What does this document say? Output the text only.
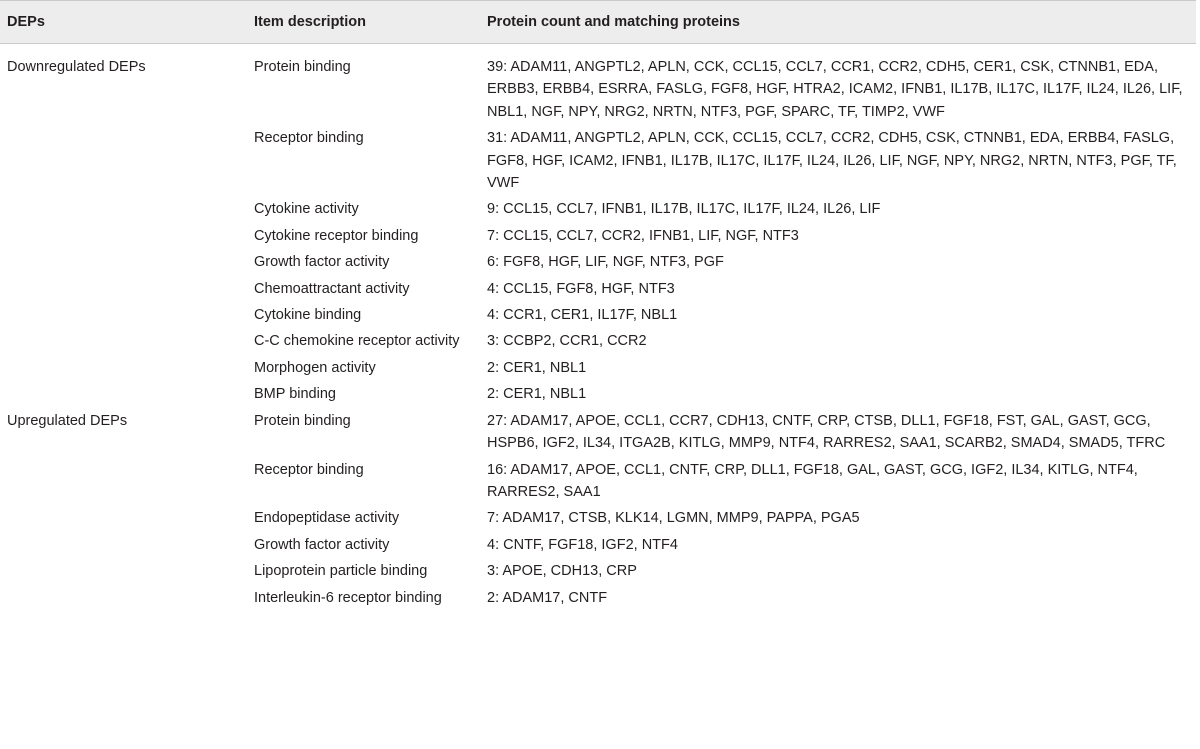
DEPs	Item description	Protein count and matching proteins
Downregulated DEPs	Protein binding	39: ADAM11, ANGPTL2, APLN, CCK, CCL15, CCL7, CCR1, CCR2, CDH5, CER1, CSK, CTNNB1, EDA, ERBB3, ERBB4, ESRRA, FASLG, FGF8, HGF, HTRA2, ICAM2, IFNB1, IL17B, IL17C, IL17F, IL24, IL26, LIF, NBL1, NGF, NPY, NRG2, NRTN, NTF3, PGF, SPARC, TF, TIMP2, VWF
	Receptor binding	31: ADAM11, ANGPTL2, APLN, CCK, CCL15, CCL7, CCR2, CDH5, CSK, CTNNB1, EDA, ERBB4, FASLG, FGF8, HGF, ICAM2, IFNB1, IL17B, IL17C, IL17F, IL24, IL26, LIF, NGF, NPY, NRG2, NRTN, NTF3, PGF, TF, VWF
	Cytokine activity	9: CCL15, CCL7, IFNB1, IL17B, IL17C, IL17F, IL24, IL26, LIF
	Cytokine receptor binding	7: CCL15, CCL7, CCR2, IFNB1, LIF, NGF, NTF3
	Growth factor activity	6: FGF8, HGF, LIF, NGF, NTF3, PGF
	Chemoattractant activity	4: CCL15, FGF8, HGF, NTF3
	Cytokine binding	4: CCR1, CER1, IL17F, NBL1
	C-C chemokine receptor activity	3: CCBP2, CCR1, CCR2
	Morphogen activity	2: CER1, NBL1
	BMP binding	2: CER1, NBL1
Upregulated DEPs	Protein binding	27: ADAM17, APOE, CCL1, CCR7, CDH13, CNTF, CRP, CTSB, DLL1, FGF18, FST, GAL, GAST, GCG, HSPB6, IGF2, IL34, ITGA2B, KITLG, MMP9, NTF4, RARRES2, SAA1, SCARB2, SMAD4, SMAD5, TFRC
	Receptor binding	16: ADAM17, APOE, CCL1, CNTF, CRP, DLL1, FGF18, GAL, GAST, GCG, IGF2, IL34, KITLG, NTF4, RARRES2, SAA1
	Endopeptidase activity	7: ADAM17, CTSB, KLK14, LGMN, MMP9, PAPPA, PGA5
	Growth factor activity	4: CNTF, FGF18, IGF2, NTF4
	Lipoprotein particle binding	3: APOE, CDH13, CRP
	Interleukin-6 receptor binding	2: ADAM17, CNTF
